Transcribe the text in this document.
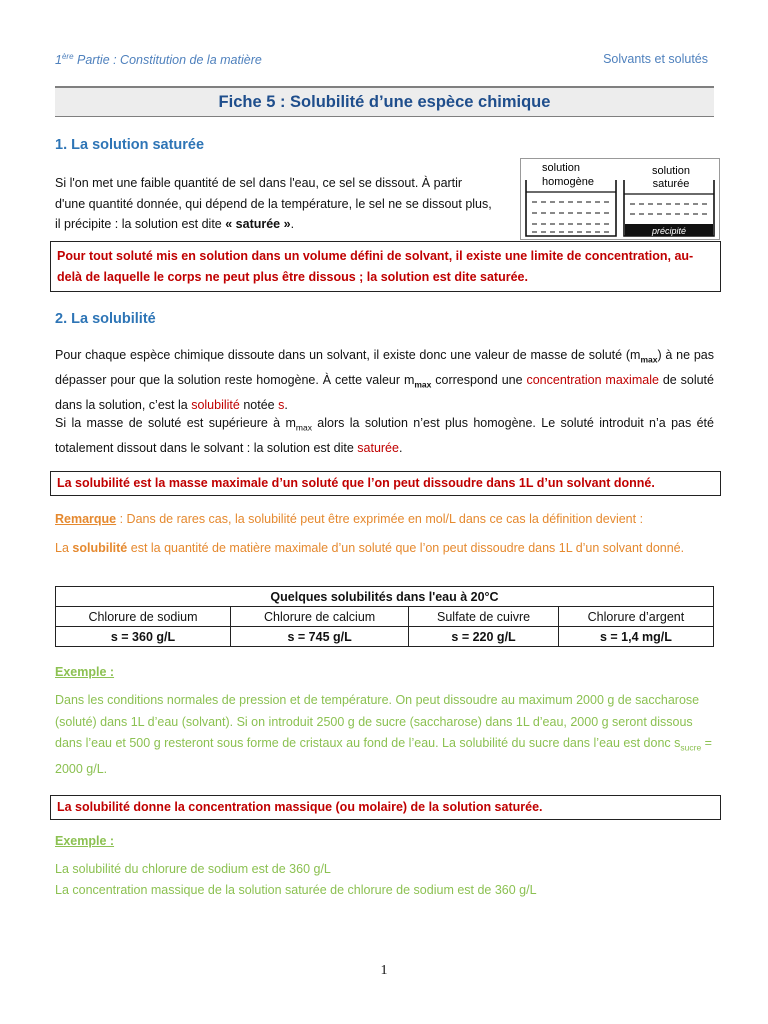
1ère Partie : Constitution de la matière	Solvants et solutés
Fiche 5 : Solubilité d’une espèce chimique
1. La solution saturée
Si l'on met une faible quantité de sel dans l'eau, ce sel se dissout. À partir d'une quantité donnée, qui dépend de la température, le sel ne se dissout plus, il précipite : la solution est dite « saturée ».
solution
homogène
précipité
solution
saturée
Pour tout soluté mis en solution dans un volume défini de solvant, il existe une limite de concentration, au-delà de laquelle le corps ne peut plus être dissous ; la solution est dite saturée.
2. La solubilité
Pour chaque espèce chimique dissoute dans un solvant, il existe donc une valeur de masse de soluté $(m_{max})$ à ne pas dépasser pour que la solution reste homogène. À cette valeur $m_{max}$ correspond une concentration maximale de soluté dans la solution, c’est la solubilité notée s.
Si la masse de soluté est supérieure à $m_{max}$ alors la solution n’est plus homogène. Le soluté introduit n’a pas été totalement dissout dans le solvant : la solution est dite saturée.
La solubilité est la masse maximale d’un soluté que l’on peut dissoudre dans 1L d’un solvant donné.
Remarque : Dans de rares cas, la solubilité peut être exprimée en mol/L dans ce cas la définition devient :
La solubilité est la quantité de matière maximale d’un soluté que l’on peut dissoudre dans 1L d’un solvant donné.
Quelques solubilités dans l'eau à 20°C			
Chlorure de sodium	Chlorure de calcium	Sulfate de cuivre	Chlorure d’argent
s = 360 g/L	s = 745 g/L	s = 220 g/L	s = 1,4 mg/L
Exemple :
Dans les conditions normales de pression et de température. On peut dissoudre au maximum 2000 g de saccharose (soluté) dans 1L d’eau (solvant). Si on introduit 2500 g de sucre (saccharose) dans 1L d’eau, 2000 g seront dissous dans l’eau et 500 g resteront sous forme de cristaux au fond de l’eau. La solubilité du sucre dans l’eau est donc $s_{sucre} = 2000$ g/L.
La solubilité donne la concentration massique (ou molaire) de la solution saturée.
Exemple :
La solubilité du chlorure de sodium est de 360 g/L
La concentration massique de la solution saturée de chlorure de sodium est de 360 g/L
1
